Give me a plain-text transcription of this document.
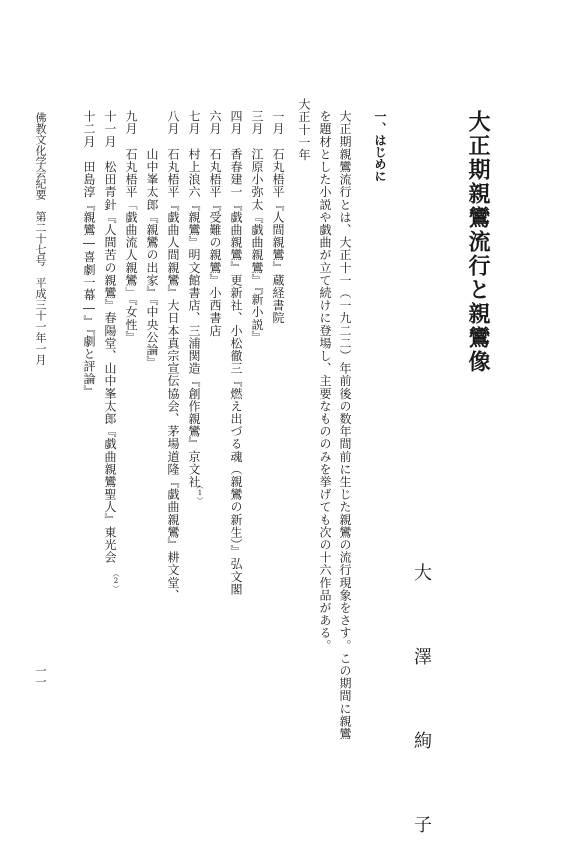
大正期親鸞流行と親鸞像
大　澤　絢　子
一、はじめに
大正期親鸞流行とは、大正十一（一九二二）年前後の数年間前に生じた親鸞の流行現象をさす。この期間に親鸞
を題材とした小説や戯曲が立て続けに登場し、主要なもののみを挙げても次の十六作品がある。
大正十一年
一月　石丸梧平『人間親鸞』蔵経書院
三月　江原小弥太『戯曲親鸞』『新小説』
四月　香春建一『戯曲親鸞』更新社、小松徹三『燃え出づる魂（親鸞の新生）』弘文閣
六月　石丸梧平『受難の親鸞』小西書店
七月　村上浪六『親鸞』明文館書店、三浦関造『創作親鸞』京文社
（1）
八月　石丸梧平『戯曲人間親鸞』大日本真宗宣伝協会、茅場道隆『戯曲親鸞』耕文堂、
　　　山中峯太郎『親鸞の出家』『中央公論』
九月　石丸梧平「戯曲流人親鸞」『女性』
十一月　松田青針『人間苦の親鸞』春陽堂、山中峯太郎『戯曲親鸞聖人』東光会
（2）
十二月　田島淳『親鸞―喜劇一幕―』『劇と評論』
佛教文化学会紀要　第二十七号　平成三十一年一月
一一
